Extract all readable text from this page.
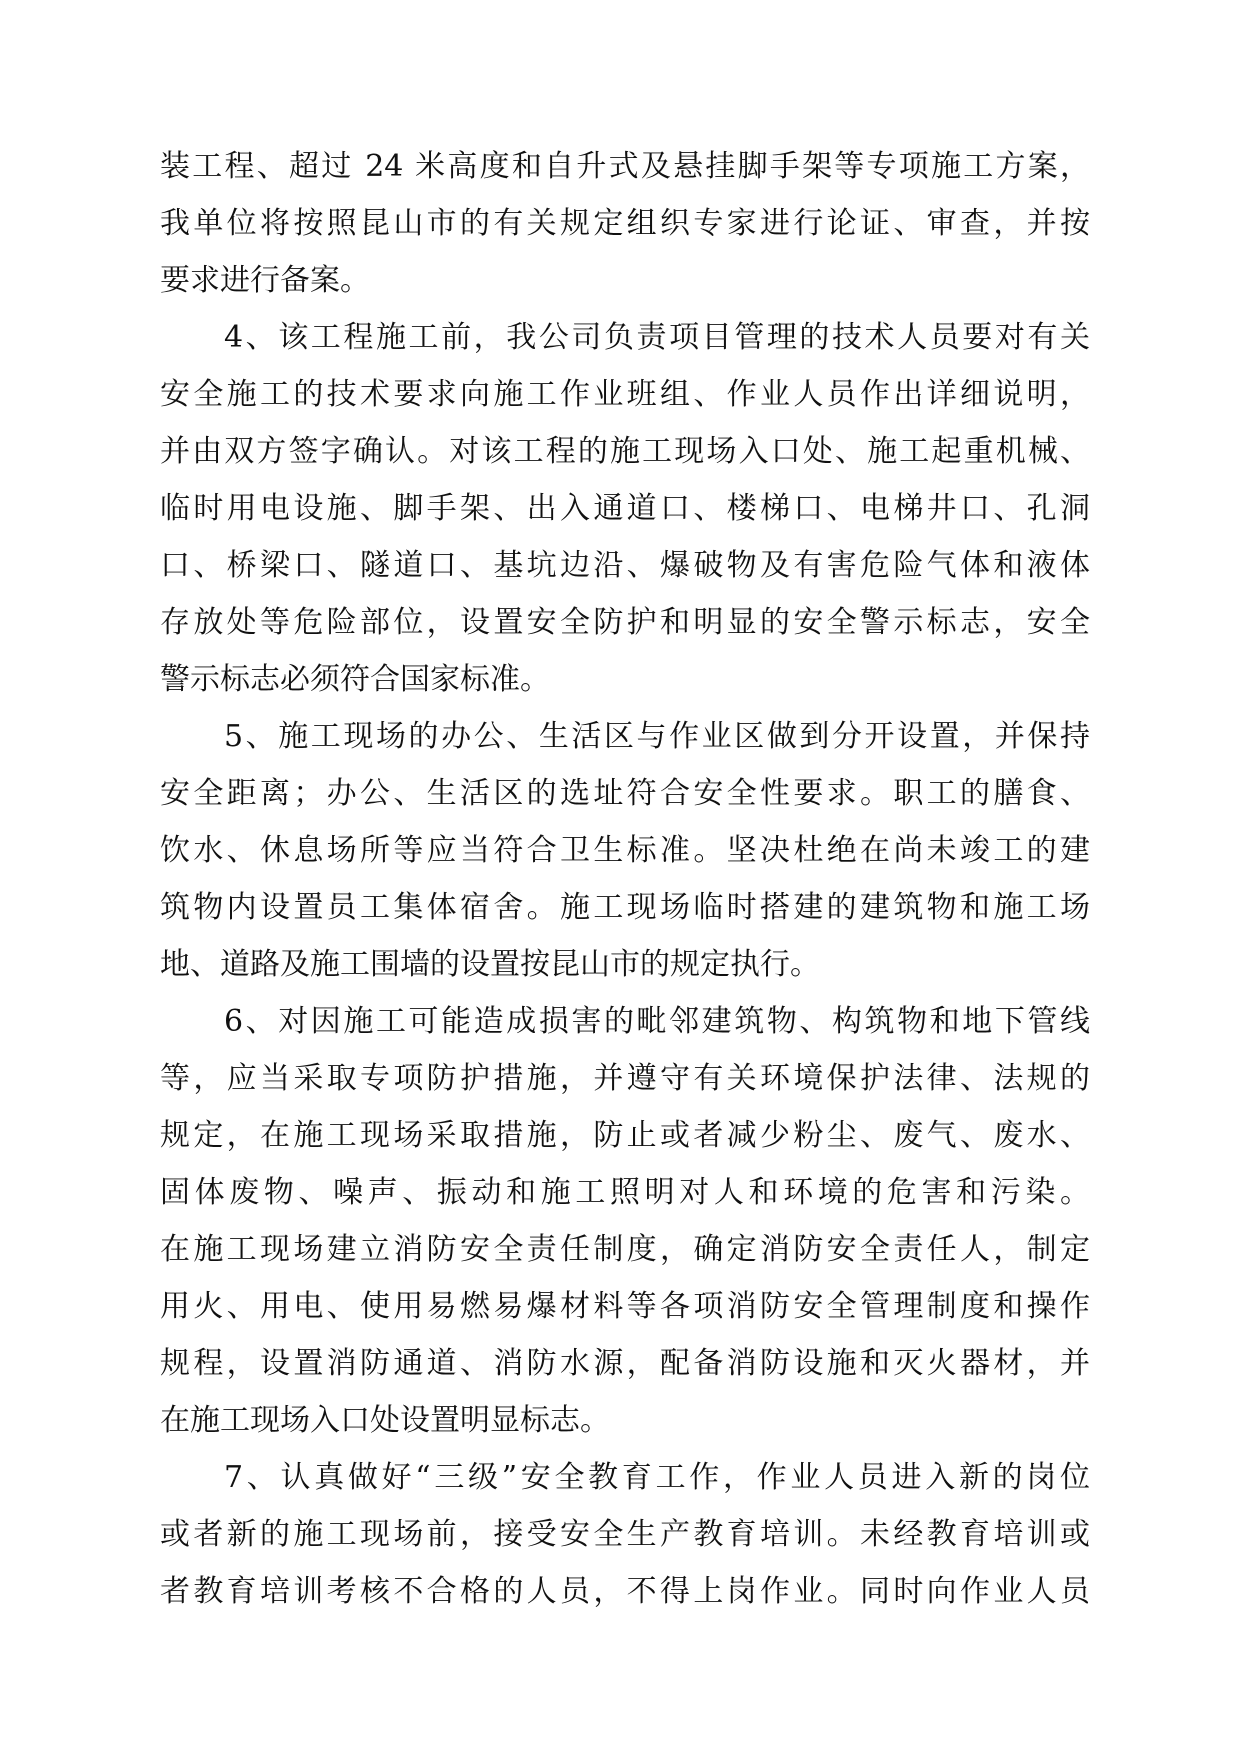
装工程、超过 24 米高度和自升式及悬挂脚手架等专项施工方案，
我单位将按照昆山市的有关规定组织专家进行论证、审查，并按
要求进行备案。
4、该工程施工前，我公司负责项目管理的技术人员要对有关
安全施工的技术要求向施工作业班组、作业人员作出详细说明，
并由双方签字确认。对该工程的施工现场入口处、施工起重机械、
临时用电设施、脚手架、出入通道口、楼梯口、电梯井口、孔洞
口、桥梁口、隧道口、基坑边沿、爆破物及有害危险气体和液体
存放处等危险部位，设置安全防护和明显的安全警示标志，安全
警示标志必须符合国家标准。
5、施工现场的办公、生活区与作业区做到分开设置，并保持
安全距离；办公、生活区的选址符合安全性要求。职工的膳食、
饮水、休息场所等应当符合卫生标准。坚决杜绝在尚未竣工的建
筑物内设置员工集体宿舍。施工现场临时搭建的建筑物和施工场
地、道路及施工围墙的设置按昆山市的规定执行。
6、对因施工可能造成损害的毗邻建筑物、构筑物和地下管线
等，应当采取专项防护措施，并遵守有关环境保护法律、法规的
规定，在施工现场采取措施，防止或者减少粉尘、废气、废水、
固体废物、噪声、振动和施工照明对人和环境的危害和污染。
在施工现场建立消防安全责任制度，确定消防安全责任人，制定
用火、用电、使用易燃易爆材料等各项消防安全管理制度和操作
规程，设置消防通道、消防水源，配备消防设施和灭火器材，并
在施工现场入口处设置明显标志。
7、认真做好“三级”安全教育工作，作业人员进入新的岗位
或者新的施工现场前，接受安全生产教育培训。未经教育培训或
者教育培训考核不合格的人员，不得上岗作业。同时向作业人员
